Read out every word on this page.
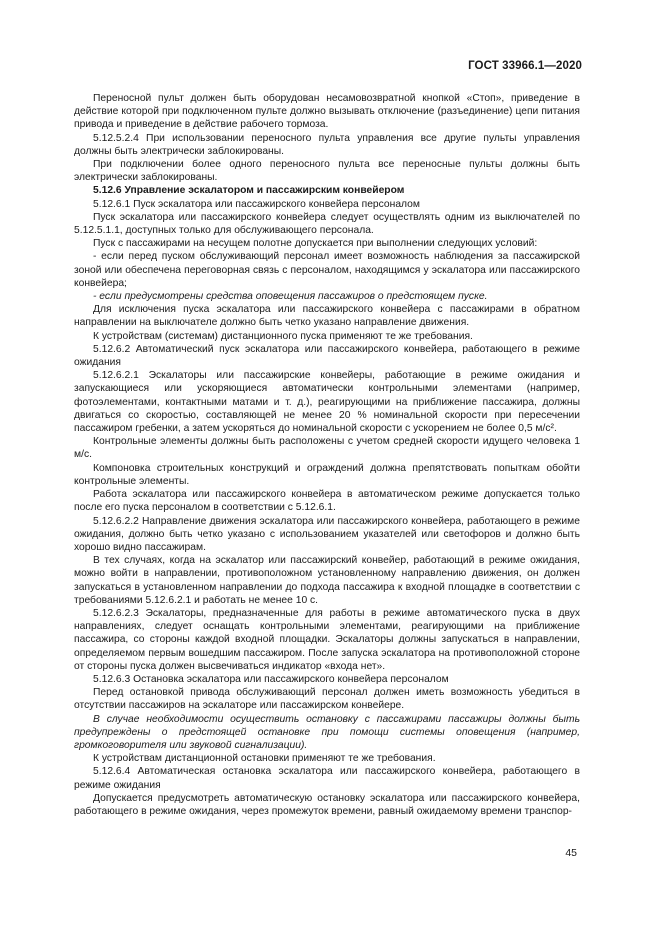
ГОСТ 33966.1—2020

Переносной пульт должен быть оборудован несамовозвратной кнопкой «Стоп», приведение в действие которой при подключенном пульте должно вызывать отключение (разъединение) цепи питания привода и приведение в действие рабочего тормоза.

5.12.5.2.4 При использовании переносного пульта управления все другие пульты управления должны быть электрически заблокированы.

При подключении более одного переносного пульта все переносные пульты должны быть электрически заблокированы.

5.12.6 Управление эскалатором и пассажирским конвейером

5.12.6.1 Пуск эскалатора или пассажирского конвейера персоналом

Пуск эскалатора или пассажирского конвейера следует осуществлять одним из выключателей по 5.12.5.1.1, доступных только для обслуживающего персонала.

Пуск с пассажирами на несущем полотне допускается при выполнении следующих условий:

- если перед пуском обслуживающий персонал имеет возможность наблюдения за пассажирской зоной или обеспечена переговорная связь с персоналом, находящимся у эскалатора или пассажирского конвейера;

- если предусмотрены средства оповещения пассажиров о предстоящем пуске.

Для исключения пуска эскалатора или пассажирского конвейера с пассажирами в обратном направлении на выключателе должно быть четко указано направление движения.

К устройствам (системам) дистанционного пуска применяют те же требования.

5.12.6.2 Автоматический пуск эскалатора или пассажирского конвейера, работающего в режиме ожидания

5.12.6.2.1 Эскалаторы или пассажирские конвейеры, работающие в режиме ожидания и запускающиеся или ускоряющиеся автоматически контрольными элементами (например, фотоэлементами, контактными матами и т. д.), реагирующими на приближение пассажира, должны двигаться со скоростью, составляющей не менее 20 % номинальной скорости при пересечении пассажиром гребенки, а затем ускоряться до номинальной скорости с ускорением не более 0,5 м/с².

Контрольные элементы должны быть расположены с учетом средней скорости идущего человека 1 м/с.

Компоновка строительных конструкций и ограждений должна препятствовать попыткам обойти контрольные элементы.

Работа эскалатора или пассажирского конвейера в автоматическом режиме допускается только после его пуска персоналом в соответствии с 5.12.6.1.

5.12.6.2.2 Направление движения эскалатора или пассажирского конвейера, работающего в режиме ожидания, должно быть четко указано с использованием указателей или светофоров и должно быть хорошо видно пассажирам.

В тех случаях, когда на эскалатор или пассажирский конвейер, работающий в режиме ожидания, можно войти в направлении, противоположном установленному направлению движения, он должен запускаться в установленном направлении до подхода пассажира к входной площадке в соответствии с требованиями 5.12.6.2.1 и работать не менее 10 с.

5.12.6.2.3 Эскалаторы, предназначенные для работы в режиме автоматического пуска в двух направлениях, следует оснащать контрольными элементами, реагирующими на приближение пассажира, со стороны каждой входной площадки. Эскалаторы должны запускаться в направлении, определяемом первым вошедшим пассажиром. После запуска эскалатора на противоположной стороне от стороны пуска должен высвечиваться индикатор «входа нет».

5.12.6.3 Остановка эскалатора или пассажирского конвейера персоналом

Перед остановкой привода обслуживающий персонал должен иметь возможность убедиться в отсутствии пассажиров на эскалаторе или пассажирском конвейере.

В случае необходимости осуществить остановку с пассажирами пассажиры должны быть предупреждены о предстоящей остановке при помощи системы оповещения (например, громкоговорителя или звуковой сигнализации).

К устройствам дистанционной остановки применяют те же требования.

5.12.6.4 Автоматическая остановка эскалатора или пассажирского конвейера, работающего в режиме ожидания

Допускается предусмотреть автоматическую остановку эскалатора или пассажирского конвейера, работающего в режиме ожидания, через промежуток времени, равный ожидаемому времени транспор-

45
